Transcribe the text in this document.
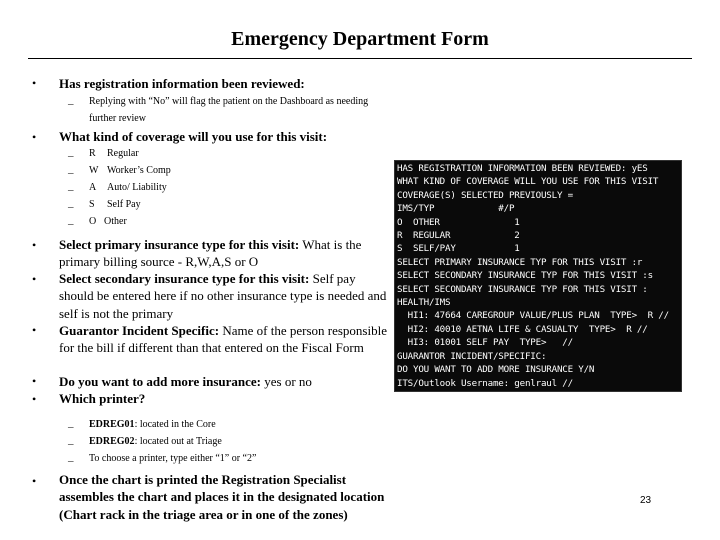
Emergency Department Form
• Has registration information been reviewed:
– Replying with “No” will flag the patient on the Dashboard as needing further review
• What kind of coverage will you use for this visit:
– R Regular
– W Worker’s Comp
– A Auto/ Liability
– S Self Pay
– O Other
•
•
•
•
•
Select primary insurance type for this visit: What is the primary billing source - R,W,A,S or O
Select secondary insurance type for this visit: Self pay should be entered here if no other insurance type is needed and self is not the primary
Guarantor Incident Specific: Name of the person responsible for the bill if different than that entered on the Fiscal Form
Do you want to add more insurance: yes or no
Which printer?
– EDREG01: located in the Core
– EDREG02: located out at Triage
– To choose a printer, type either “1” or “2”
• Once the chart is printed the Registration Specialist assembles the chart and places it in the designated location (Chart rack in the triage area or in one of the zones)
HAS REGISTRATION INFORMATION BEEN REVIEWED: yES
WHAT KIND OF COVERAGE WILL YOU USE FOR THIS VISIT
COVERAGE(S) SELECTED PREVIOUSLY =
IMS/TYP            #/P
O  OTHER              1
R  REGULAR            2
S  SELF/PAY           1
SELECT PRIMARY INSURANCE TYP FOR THIS VISIT :r
SELECT SECONDARY INSURANCE TYP FOR THIS VISIT :s
SELECT SECONDARY INSURANCE TYP FOR THIS VISIT :
HEALTH/IMS
HI1: 47664 CAREGROUP VALUE/PLUS PLAN  TYPE>  R //
HI2: 40010 AETNA LIFE & CASUALTY  TYPE>  R //
HI3: 01001 SELF PAY  TYPE>   //
GUARANTOR INCIDENT/SPECIFIC:
DO YOU WANT TO ADD MORE INSURANCE Y/N
ITS/Outlook Username: genlraul //
ITS/Outlook Password:
23
